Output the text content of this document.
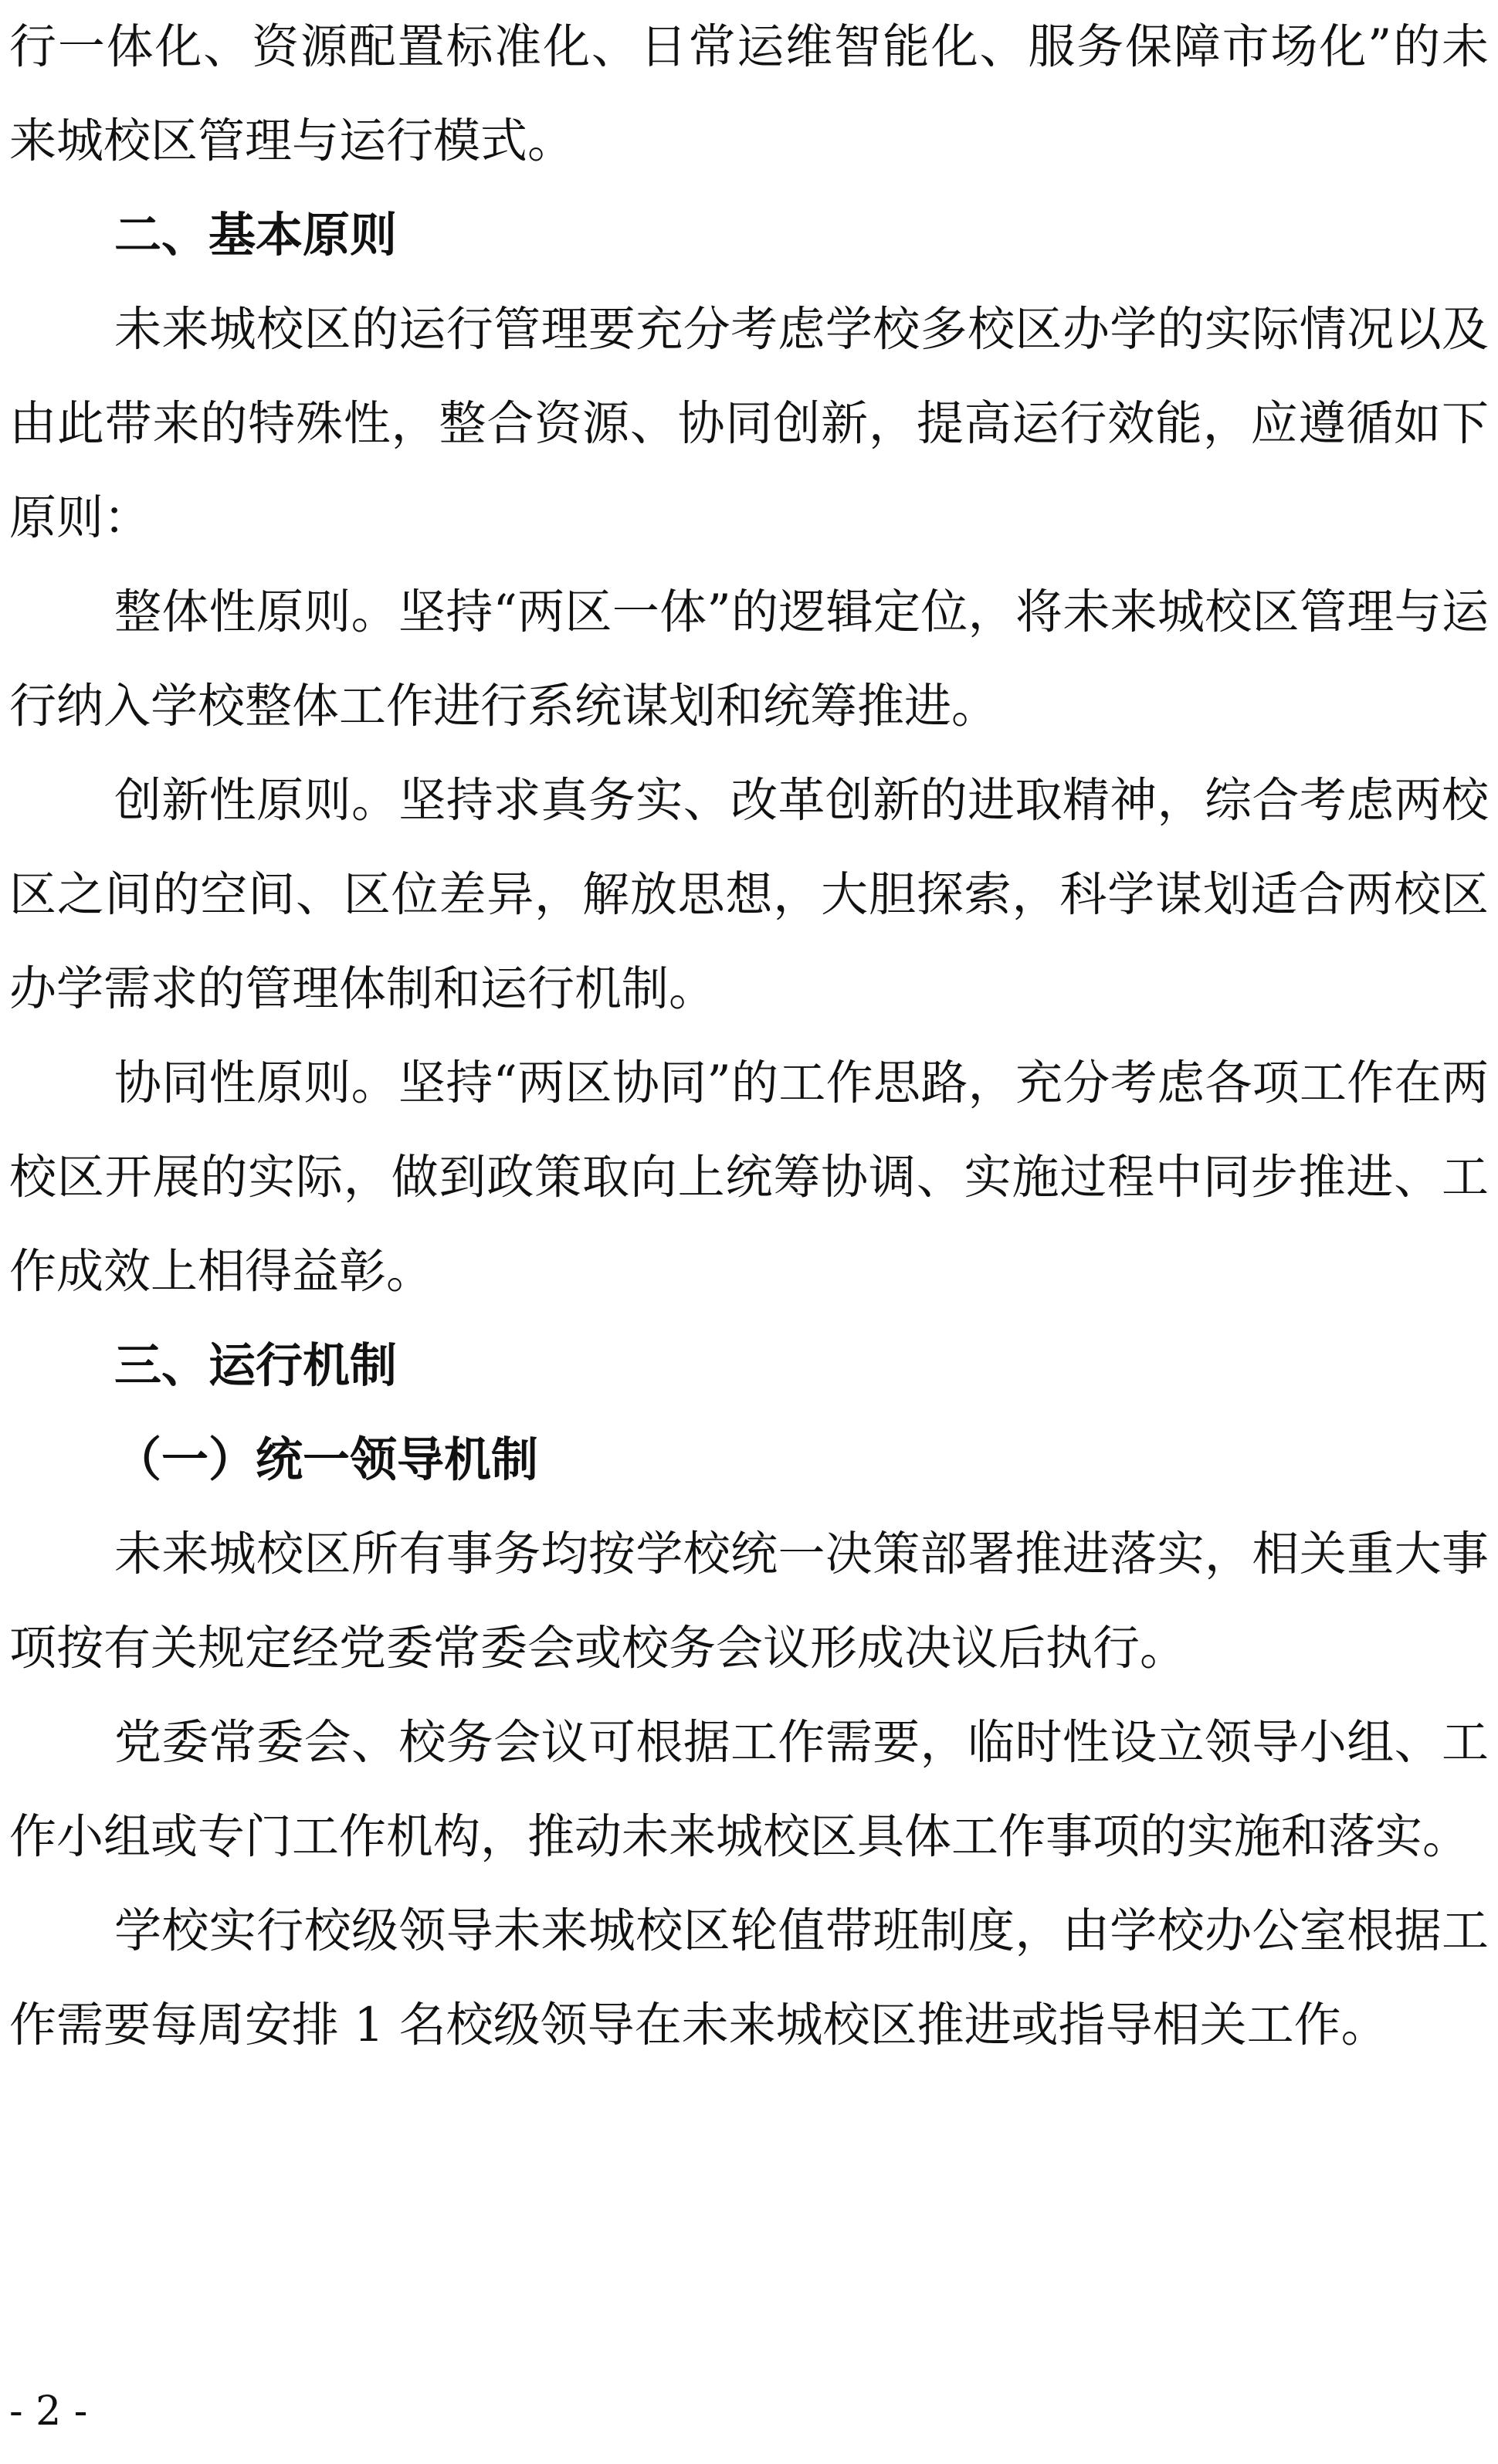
行一体化、资源配置标准化、日常运维智能化、服务保障市场化”的未来城校区管理与运行模式。

二、基本原则

未来城校区的运行管理要充分考虑学校多校区办学的实际情况以及由此带来的特殊性，整合资源、协同创新，提高运行效能，应遵循如下原则：

整体性原则。坚持“两区一体”的逻辑定位，将未来城校区管理与运行纳入学校整体工作进行系统谋划和统筹推进。

创新性原则。坚持求真务实、改革创新的进取精神，综合考虑两校区之间的空间、区位差异，解放思想，大胆探索，科学谋划适合两校区办学需求的管理体制和运行机制。

协同性原则。坚持“两区协同”的工作思路，充分考虑各项工作在两校区开展的实际，做到政策取向上统筹协调、实施过程中同步推进、工作成效上相得益彰。

三、运行机制
（一）统一领导机制

未来城校区所有事务均按学校统一决策部署推进落实，相关重大事项按有关规定经党委常委会或校务会议形成决议后执行。

党委常委会、校务会议可根据工作需要，临时性设立领导小组、工作小组或专门工作机构，推动未来城校区具体工作事项的实施和落实。

学校实行校级领导未来城校区轮值带班制度，由学校办公室根据工作需要每周安排 1 名校级领导在未来城校区推进或指导相关工作。

- 2 -
